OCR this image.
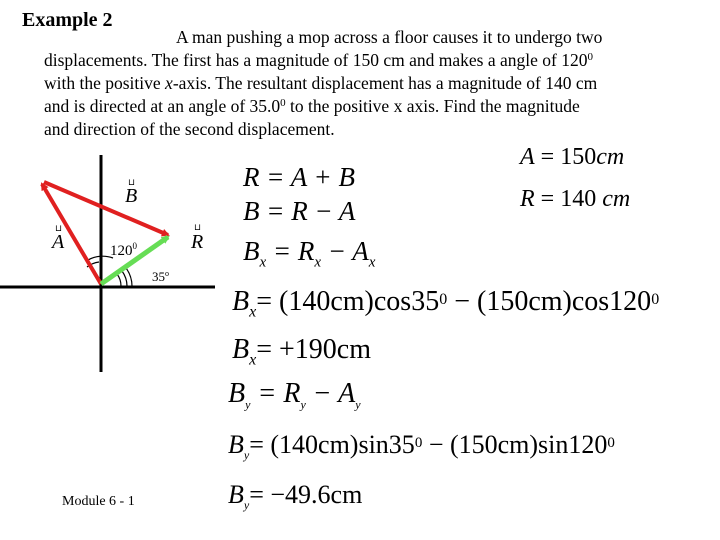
Example 2
A man pushing a mop across a floor causes it to undergo two
displacements. The first has a magnitude of 150 cm and makes a angle of $120^0$
with the positive x-axis. The resultant displacement has a magnitude of 140 cm
and is directed at an angle of 35.0$^0$ to the positive x axis. Find the magnitude
and direction of the second displacement.
B
⊔
A
⊔
R
⊔
$120^0$
35$^o$
A = 150cm
R = 140 cm
R = A + B
B = R − A
$B_x = R_x - A_x$
$B_x= (140cm)\cos 35^0 - (150cm)\cos 120^0$
$B_x= +190cm$
$B_y = R_y - A_y$
$B_y= (140cm)\sin 35^0 - (150cm)\sin 120^0$
$B_y= -49.6cm$
Module 6 - 1
